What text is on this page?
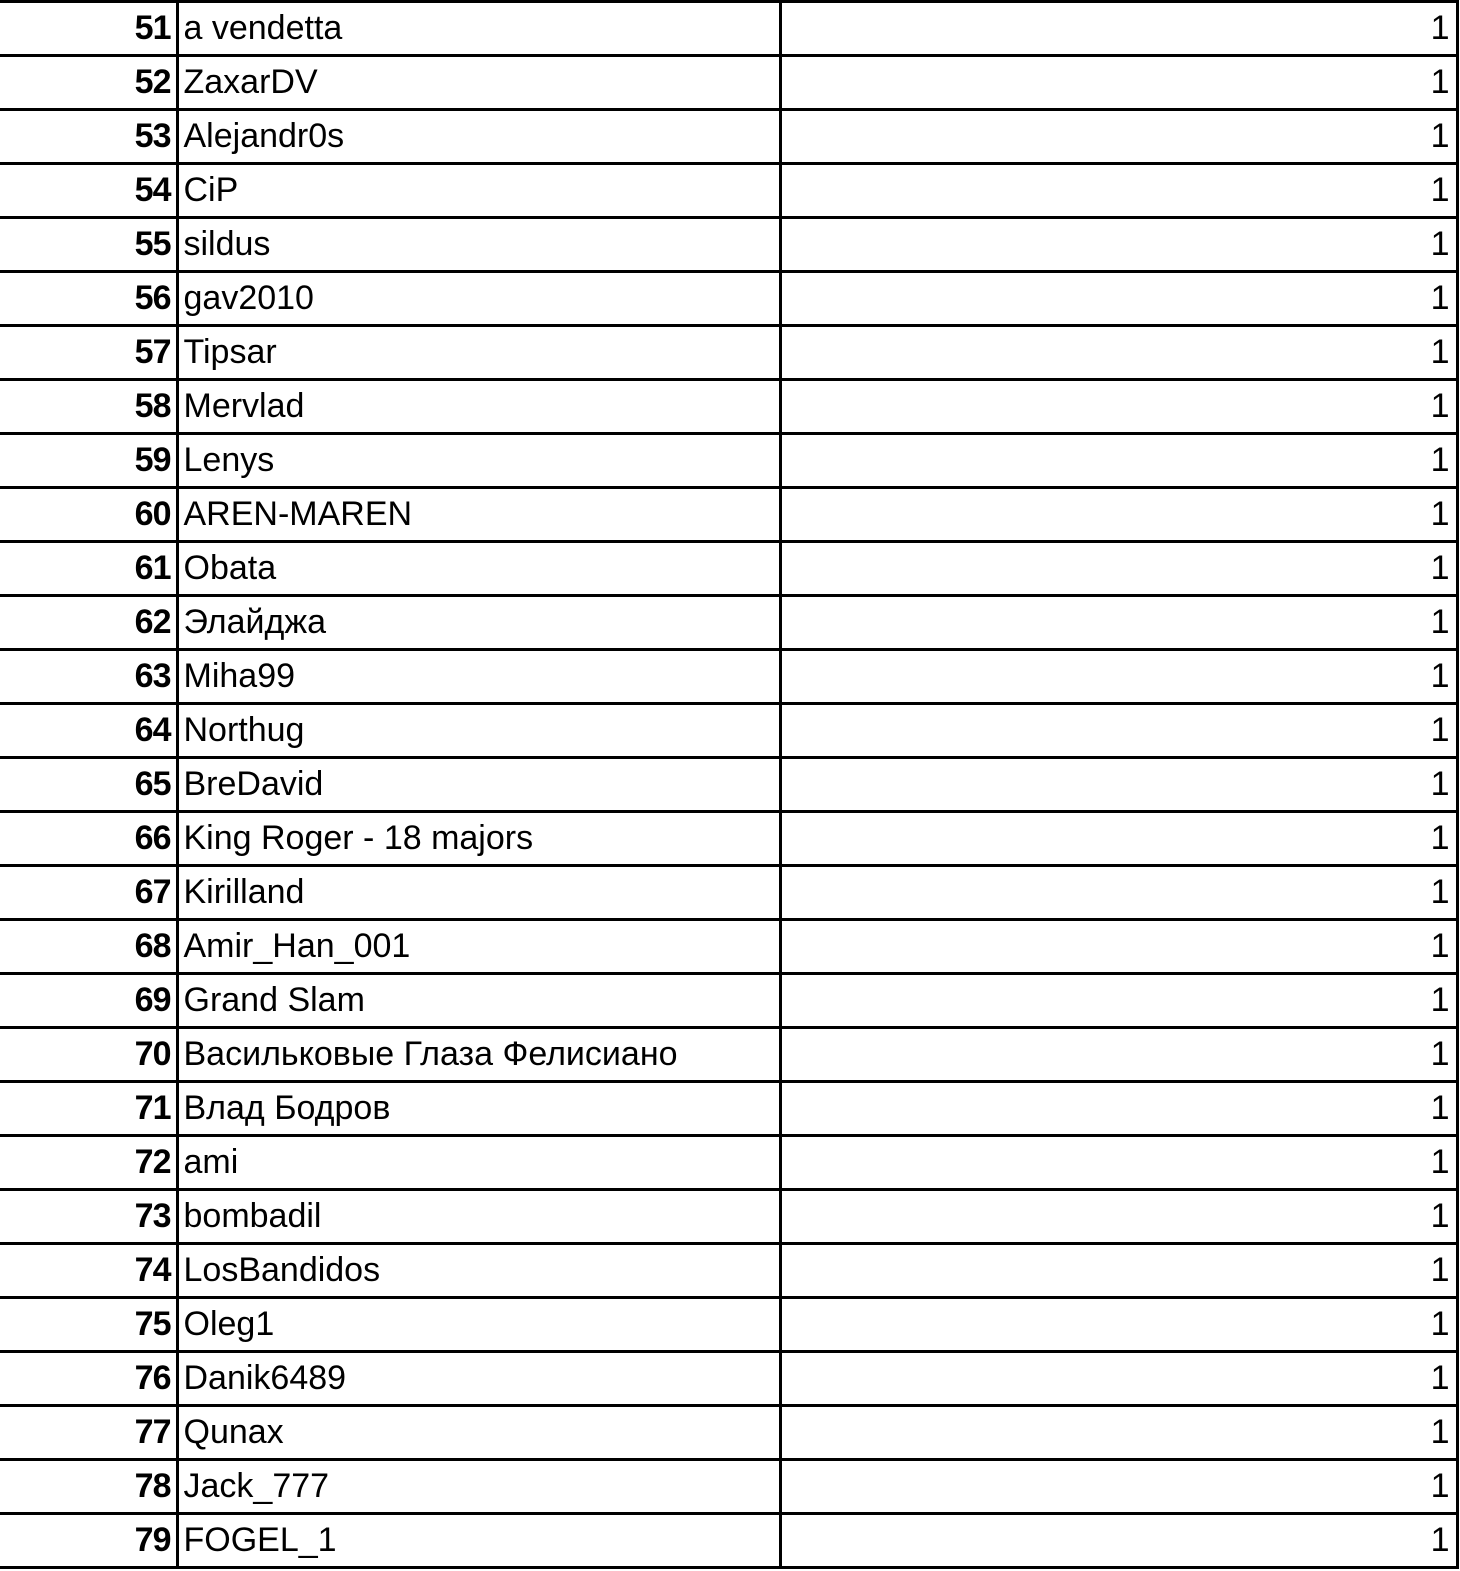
51	a vendetta	1
52	ZaxarDV	1
53	Alejandr0s	1
54	CiP	1
55	sildus	1
56	gav2010	1
57	Tipsar	1
58	Mervlad	1
59	Lenys	1
60	AREN-MAREN	1
61	Obata	1
62	Элайджа	1
63	Miha99	1
64	Northug	1
65	BreDavid	1
66	King Roger - 18 majors	1
67	Kirilland	1
68	Amir_Han_001	1
69	Grand Slam	1
70	Васильковые Глаза Фелисиано	1
71	Влад Бодров	1
72	ami	1
73	bombadil	1
74	LosBandidos	1
75	Oleg1	1
76	Danik6489	1
77	Qunax	1
78	Jack_777	1
79	FOGEL_1	1
